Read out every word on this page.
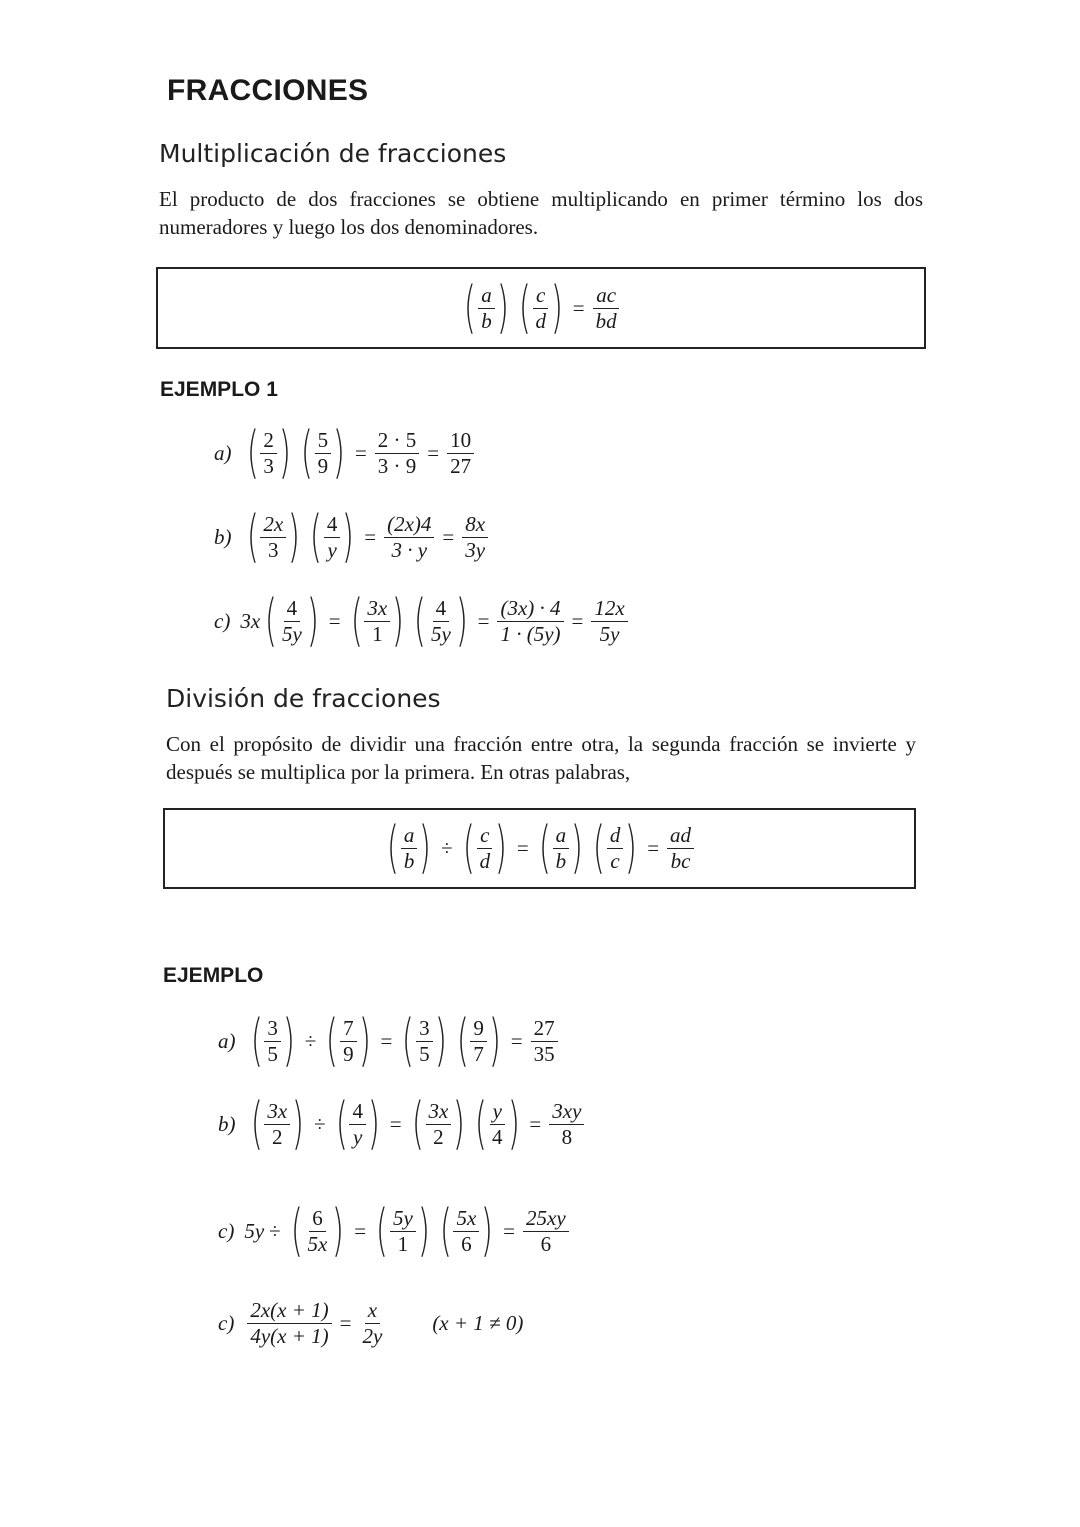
FRACCIONES
Multiplicación de fracciones

El producto de dos fracciones se obtiene multiplicando en primer término los dos numeradores y luego los dos denominadores.

( $\frac{a}{b}$ ) ( $\frac{c}{d}$ ) = $\frac{ac}{bd}$
EJEMPLO 1
a) ( $\frac{2}{3}$ ) ( $\frac{5}{9}$ ) = $\frac{2 \cdot 5}{3 \cdot 9} = \frac{10}{27}$
b) ( $\frac{2x}{3}$ ) ( $\frac{4}{y}$ ) = $\frac{(2x)4}{3 \cdot y} = \frac{8x}{3y}$
c) 3x ( $\frac{4}{5y}$ ) = ( $\frac{3x}{1}$ ) ( $\frac{4}{5y}$ ) = $\frac{(3x) \cdot 4}{1 \cdot (5y)} = \frac{12x}{5y}$
División de fracciones

Con el propósito de dividir una fracción entre otra, la segunda fracción se invierte y después se multiplica por la primera. En otras palabras,

( $\frac{a}{b}$ ) ÷ ( $\frac{c}{d}$ ) = ( $\frac{a}{b}$ ) ( $\frac{d}{c}$ ) = $\frac{ad}{bc}$
EJEMPLO
a) ( $\frac{3}{5}$ ) ÷ ( $\frac{7}{9}$ ) = ( $\frac{3}{5}$ ) ( $\frac{9}{7}$ ) = $\frac{27}{35}$
b) ( $\frac{3x}{2}$ ) ÷ ( $\frac{4}{y}$ ) = ( $\frac{3x}{2}$ ) ( $\frac{y}{4}$ ) = $\frac{3xy}{8}$
c) 5y ÷ ( $\frac{6}{5x}$ ) = ( $\frac{5y}{1}$ ) ( $\frac{5x}{6}$ ) = $\frac{25xy}{6}$
$c) \frac{2x(x + 1)}{4y(x + 1)} = \frac{x}{2y} (x + 1 \ne 0)$
